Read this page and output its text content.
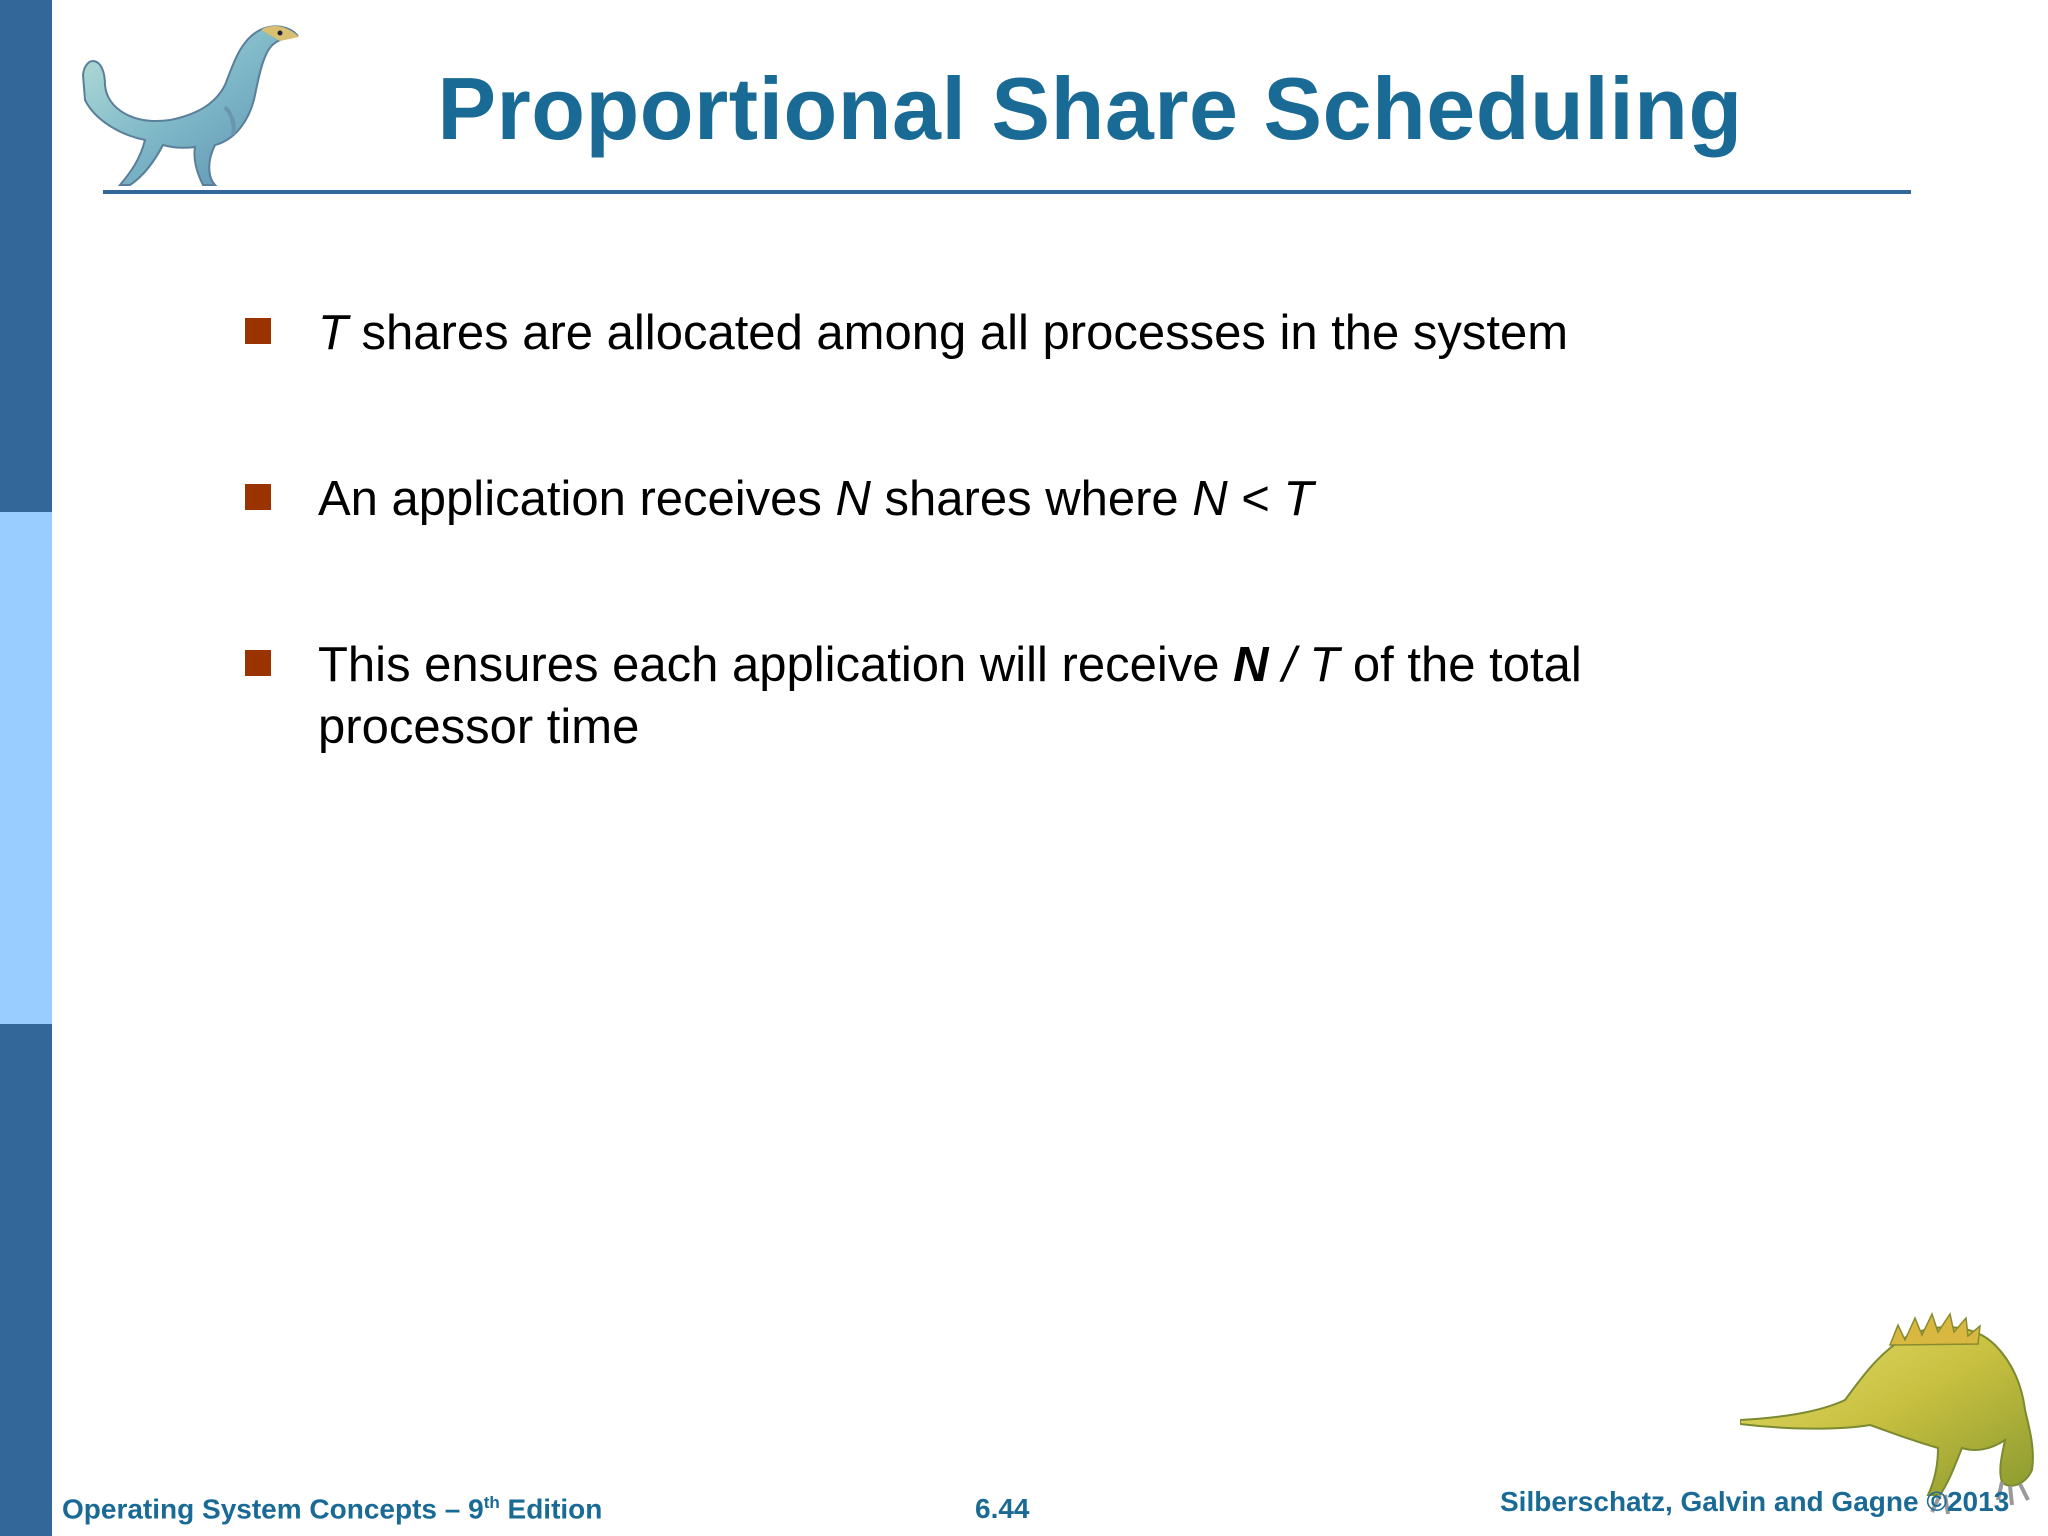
Proportional Share Scheduling
T shares are allocated among all processes in the system
An application receives N shares where N < T
This ensures each application will receive N / T of the total processor time
Operating System Concepts – 9th Edition	6.44	Silberschatz, Galvin and Gagne ©2013
